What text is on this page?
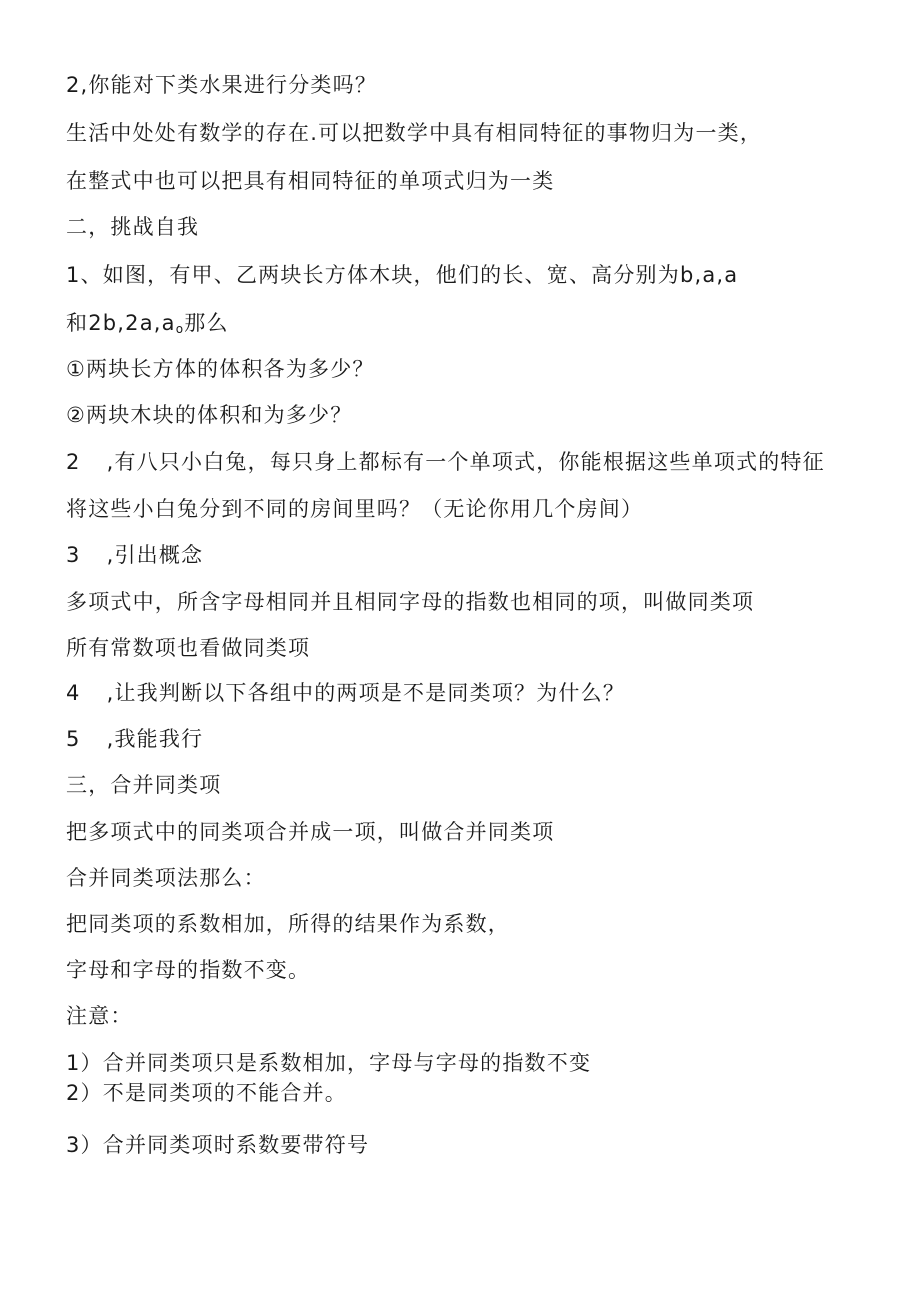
2,你能对下类水果进行分类吗？
生活中处处有数学的存在.可以把数学中具有相同特征的事物归为一类，
在整式中也可以把具有相同特征的单项式归为一类
二，挑战自我
1、如图，有甲、乙两块长方体木块，他们的长、宽、高分别为b,a,a
和$2b,2a,a_o$那么
①两块长方体的体积各为多少？
②两块木块的体积和为多少？
2 ,有八只小白兔，每只身上都标有一个单项式，你能根据这些单项式的特征
将这些小白兔分到不同的房间里吗？（无论你用几个房间）
3 ,引出概念
多项式中，所含字母相同并且相同字母的指数也相同的项，叫做同类项
所有常数项也看做同类项
4 ,让我判断以下各组中的两项是不是同类项？为什么？
5 ,我能我行
三，合并同类项
把多项式中的同类项合并成一项，叫做合并同类项
合并同类项法那么：
把同类项的系数相加，所得的结果作为系数，
字母和字母的指数不变。
注意：
1）合并同类项只是系数相加，字母与字母的指数不变
2）不是同类项的不能合并。
3）合并同类项时系数要带符号
